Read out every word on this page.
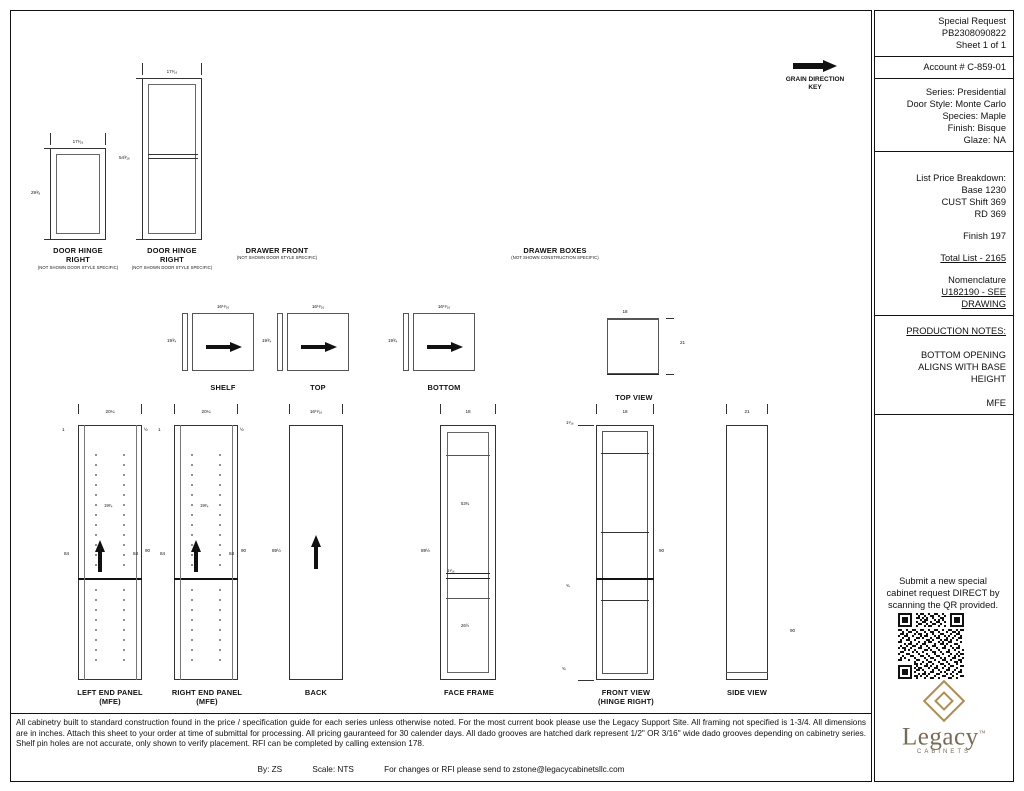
Special Request
PB2308090822
Sheet 1 of 1
Account # C-859-01
Series: Presidential
Door Style: Monte Carlo
Species: Maple
Finish: Bisque
Glaze: NA
List Price Breakdown:
Base 1230
CUST Shift 369
RD 369
Finish 197
Total List - 2165
Nomenclature
U182190 - SEE
DRAWING
PRODUCTION NOTES:
BOTTOM OPENING
ALIGNS WITH BASE
HEIGHT
MFE
Submit a new special
cabinet request DIRECT by
scanning the QR provided.
Legacy™
CABINETS
GRAIN DIRECTION
KEY
17¹⁄₁₆
29³⁄₈
DOOR HINGE
RIGHT
(NOT SHOWN DOOR STYLE SPECIFIC)
17¹⁄₁₆
54³⁄₁₆
DOOR HINGE
RIGHT
(NOT SHOWN DOOR STYLE SPECIFIC)
DRAWER FRONT
(NOT SHOWN DOOR STYLE SPECIFIC)
DRAWER BOXES
(NOT SHOWN CONSTRUCTION SPECIFIC)
16¹¹⁄₁₆
19³⁄₄
SHELF
16¹¹⁄₁₆
19³⁄₄
TOP
16¹¹⁄₁₆
19³⁄₄
BOTTOM
18
21
TOP VIEW
20¼
90
19³⁄₄
84	84
1	½
LEFT END PANEL
(MFE)
20¼
90
19³⁄₄
84	84
1	½
RIGHT END PANEL
(MFE)
16¹¹⁄₁₆
89½
BACK
18
89½
53¾
1¹⁄₁₆
26½
FACE FRAME
18
90
1¹⁄₁₆
¾
¾
FRONT VIEW
(HINGE RIGHT)
21
90
SIDE VIEW
All cabinetry built to standard construction found in the price / specification guide for each series unless otherwise noted. For the most current book please use the Legacy Support Site. All framing not specified is 1-3/4. All dimensions are in inches. Attach this sheet to your order at time of submittal for processing. All pricing gauranteed for 30 calender days. All dado grooves are hatched dark represent 1/2" OR 3/16" wide dado grooves depending on cabinetry series. Shelf pin holes are not accurate, only shown to verify placement. RFI can be completed by calling extension 178.
By: ZS	Scale: NTS	For changes or RFI please send to zstone@legacycabinetsllc.com
